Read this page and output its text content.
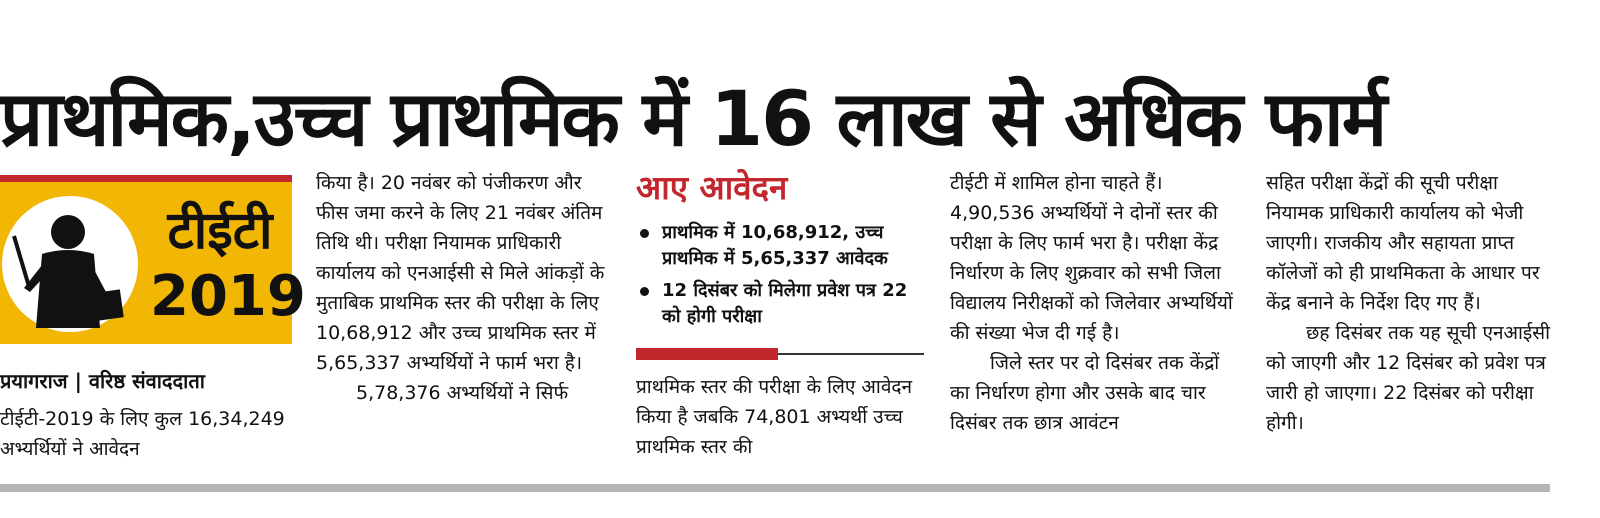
प्राथमिक,उच्च प्राथमिक में 16 लाख से अधिक फार्म
टीईटी
2019
प्रयागराज | वरिष्ठ संवाददाता

टीईटी-2019 के लिए कुल 16,34,249 अभ्यर्थियों ने आवेदन

किया है। 20 नवंबर को पंजीकरण और फीस जमा करने के लिए 21 नवंबर अंतिम तिथि थी। परीक्षा नियामक प्राधिकारी कार्यालय को एनआईसी से मिले आंकड़ों के मुताबिक प्राथमिक स्तर की परीक्षा के लिए 10,68,912 और उच्च प्राथमिक स्तर में 5,65,337 अभ्यर्थियों ने फार्म भरा है।

5,78,376 अभ्यर्थियों ने सिर्फ

आए आवेदन
प्राथमिक में 10,68,912, उच्च प्राथमिक में 5,65,337 आवेदक
12 दिसंबर को मिलेगा प्रवेश पत्र 22 को होगी परीक्षा

प्राथमिक स्तर की परीक्षा के लिए आवेदन किया है जबकि 74,801 अभ्यर्थी उच्च प्राथमिक स्तर की

टीईटी में शामिल होना चाहते हैं। 4,90,536 अभ्यर्थियों ने दोनों स्तर की परीक्षा के लिए फार्म भरा है। परीक्षा केंद्र निर्धारण के लिए शुक्रवार को सभी जिला विद्यालय निरीक्षकों को जिलेवार अभ्यर्थियों की संख्या भेज दी गई है।

जिले स्तर पर दो दिसंबर तक केंद्रों का निर्धारण होगा और उसके बाद चार दिसंबर तक छात्र आवंटन

सहित परीक्षा केंद्रों की सूची परीक्षा नियामक प्राधिकारी कार्यालय को भेजी जाएगी। राजकीय और सहायता प्राप्त कॉलेजों को ही प्राथमिकता के आधार पर केंद्र बनाने के निर्देश दिए गए हैं।

छह दिसंबर तक यह सूची एनआईसी को जाएगी और 12 दिसंबर को प्रवेश पत्र जारी हो जाएगा। 22 दिसंबर को परीक्षा होगी।
